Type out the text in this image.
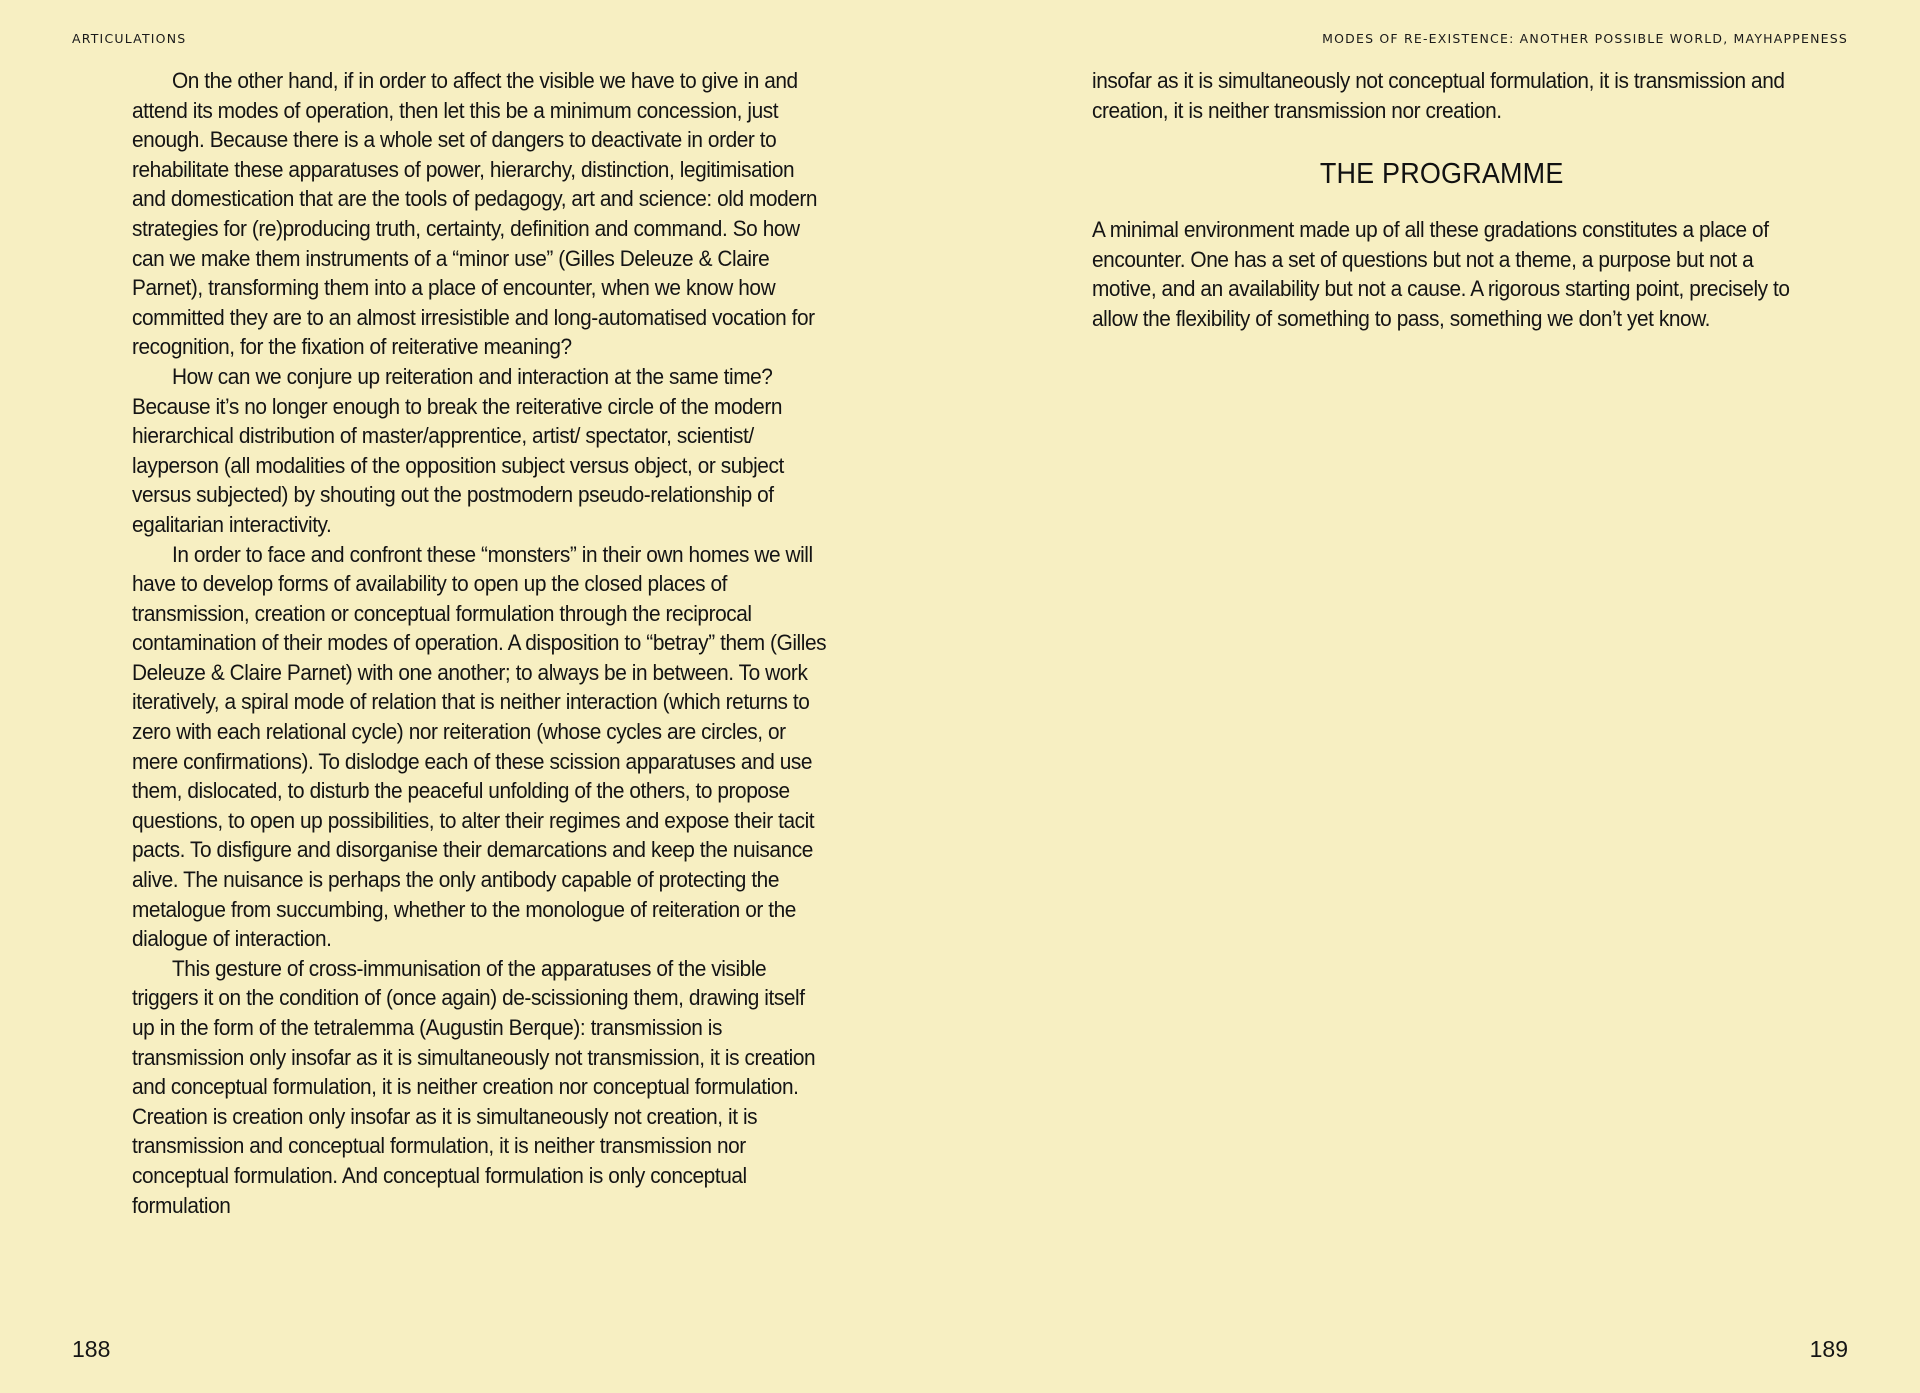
ARTICULATIONS

On the other hand, if in order to affect the visible we have to give in and attend its modes of operation, then let this be a minimum concession, just enough. Because there is a whole set of dangers to deactivate in order to rehabilitate these apparatuses of power, hierarchy, distinction, legitimisation and domestication that are the tools of pedagogy, art and science: old modern strategies for (re)producing truth, certainty, definition and command. So how can we make them instruments of a “minor use” (Gilles Deleuze & Claire Parnet), transforming them into a place of encounter, when we know how committed they are to an almost irresistible and long-automatised vocation for recognition, for the fixation of reiterative meaning?

How can we conjure up reiteration and interaction at the same time? Because it’s no longer enough to break the reiterative circle of the modern hierarchical distribution of master/apprentice, artist/ spectator, scientist/ layperson (all modalities of the opposition subject versus object, or subject versus subjected) by shouting out the postmodern pseudo-relationship of egalitarian interactivity.

In order to face and confront these “monsters” in their own homes we will have to develop forms of availability to open up the closed places of transmission, creation or conceptual formulation through the reciprocal contamination of their modes of operation. A disposition to “betray” them (Gilles Deleuze & Claire Parnet) with one another; to always be in between. To work iteratively, a spiral mode of relation that is neither interaction (which returns to zero with each relational cycle) nor reiteration (whose cycles are circles, or mere confirmations). To dislodge each of these scission apparatuses and use them, dislocated, to disturb the peaceful unfolding of the others, to propose questions, to open up possibilities, to alter their regimes and expose their tacit pacts. To disfigure and disorganise their demarcations and keep the nuisance alive. The nuisance is perhaps the only antibody capable of protecting the metalogue from succumbing, whether to the monologue of reiteration or the dialogue of interaction.

This gesture of cross-immunisation of the apparatuses of the visible triggers it on the condition of (once again) de-scissioning them, drawing itself up in the form of the tetralemma (Augustin Berque): transmission is transmission only insofar as it is simultaneously not transmission, it is creation and conceptual formulation, it is neither creation nor conceptual formulation. Creation is creation only insofar as it is simultaneously not creation, it is transmission and conceptual formulation, it is neither transmission nor conceptual formulation. And conceptual formulation is only conceptual formulation

188
MODES OF RE-EXISTENCE: ANOTHER POSSIBLE WORLD, MAYHAPPENESS

insofar as it is simultaneously not conceptual formulation, it is transmission and creation, it is neither transmission nor creation.

THE PROGRAMME

A minimal environment made up of all these gradations constitutes a place of encounter. One has a set of questions but not a theme, a purpose but not a motive, and an availability but not a cause. A rigorous starting point, precisely to allow the flexibility of something to pass, something we don’t yet know.

189
